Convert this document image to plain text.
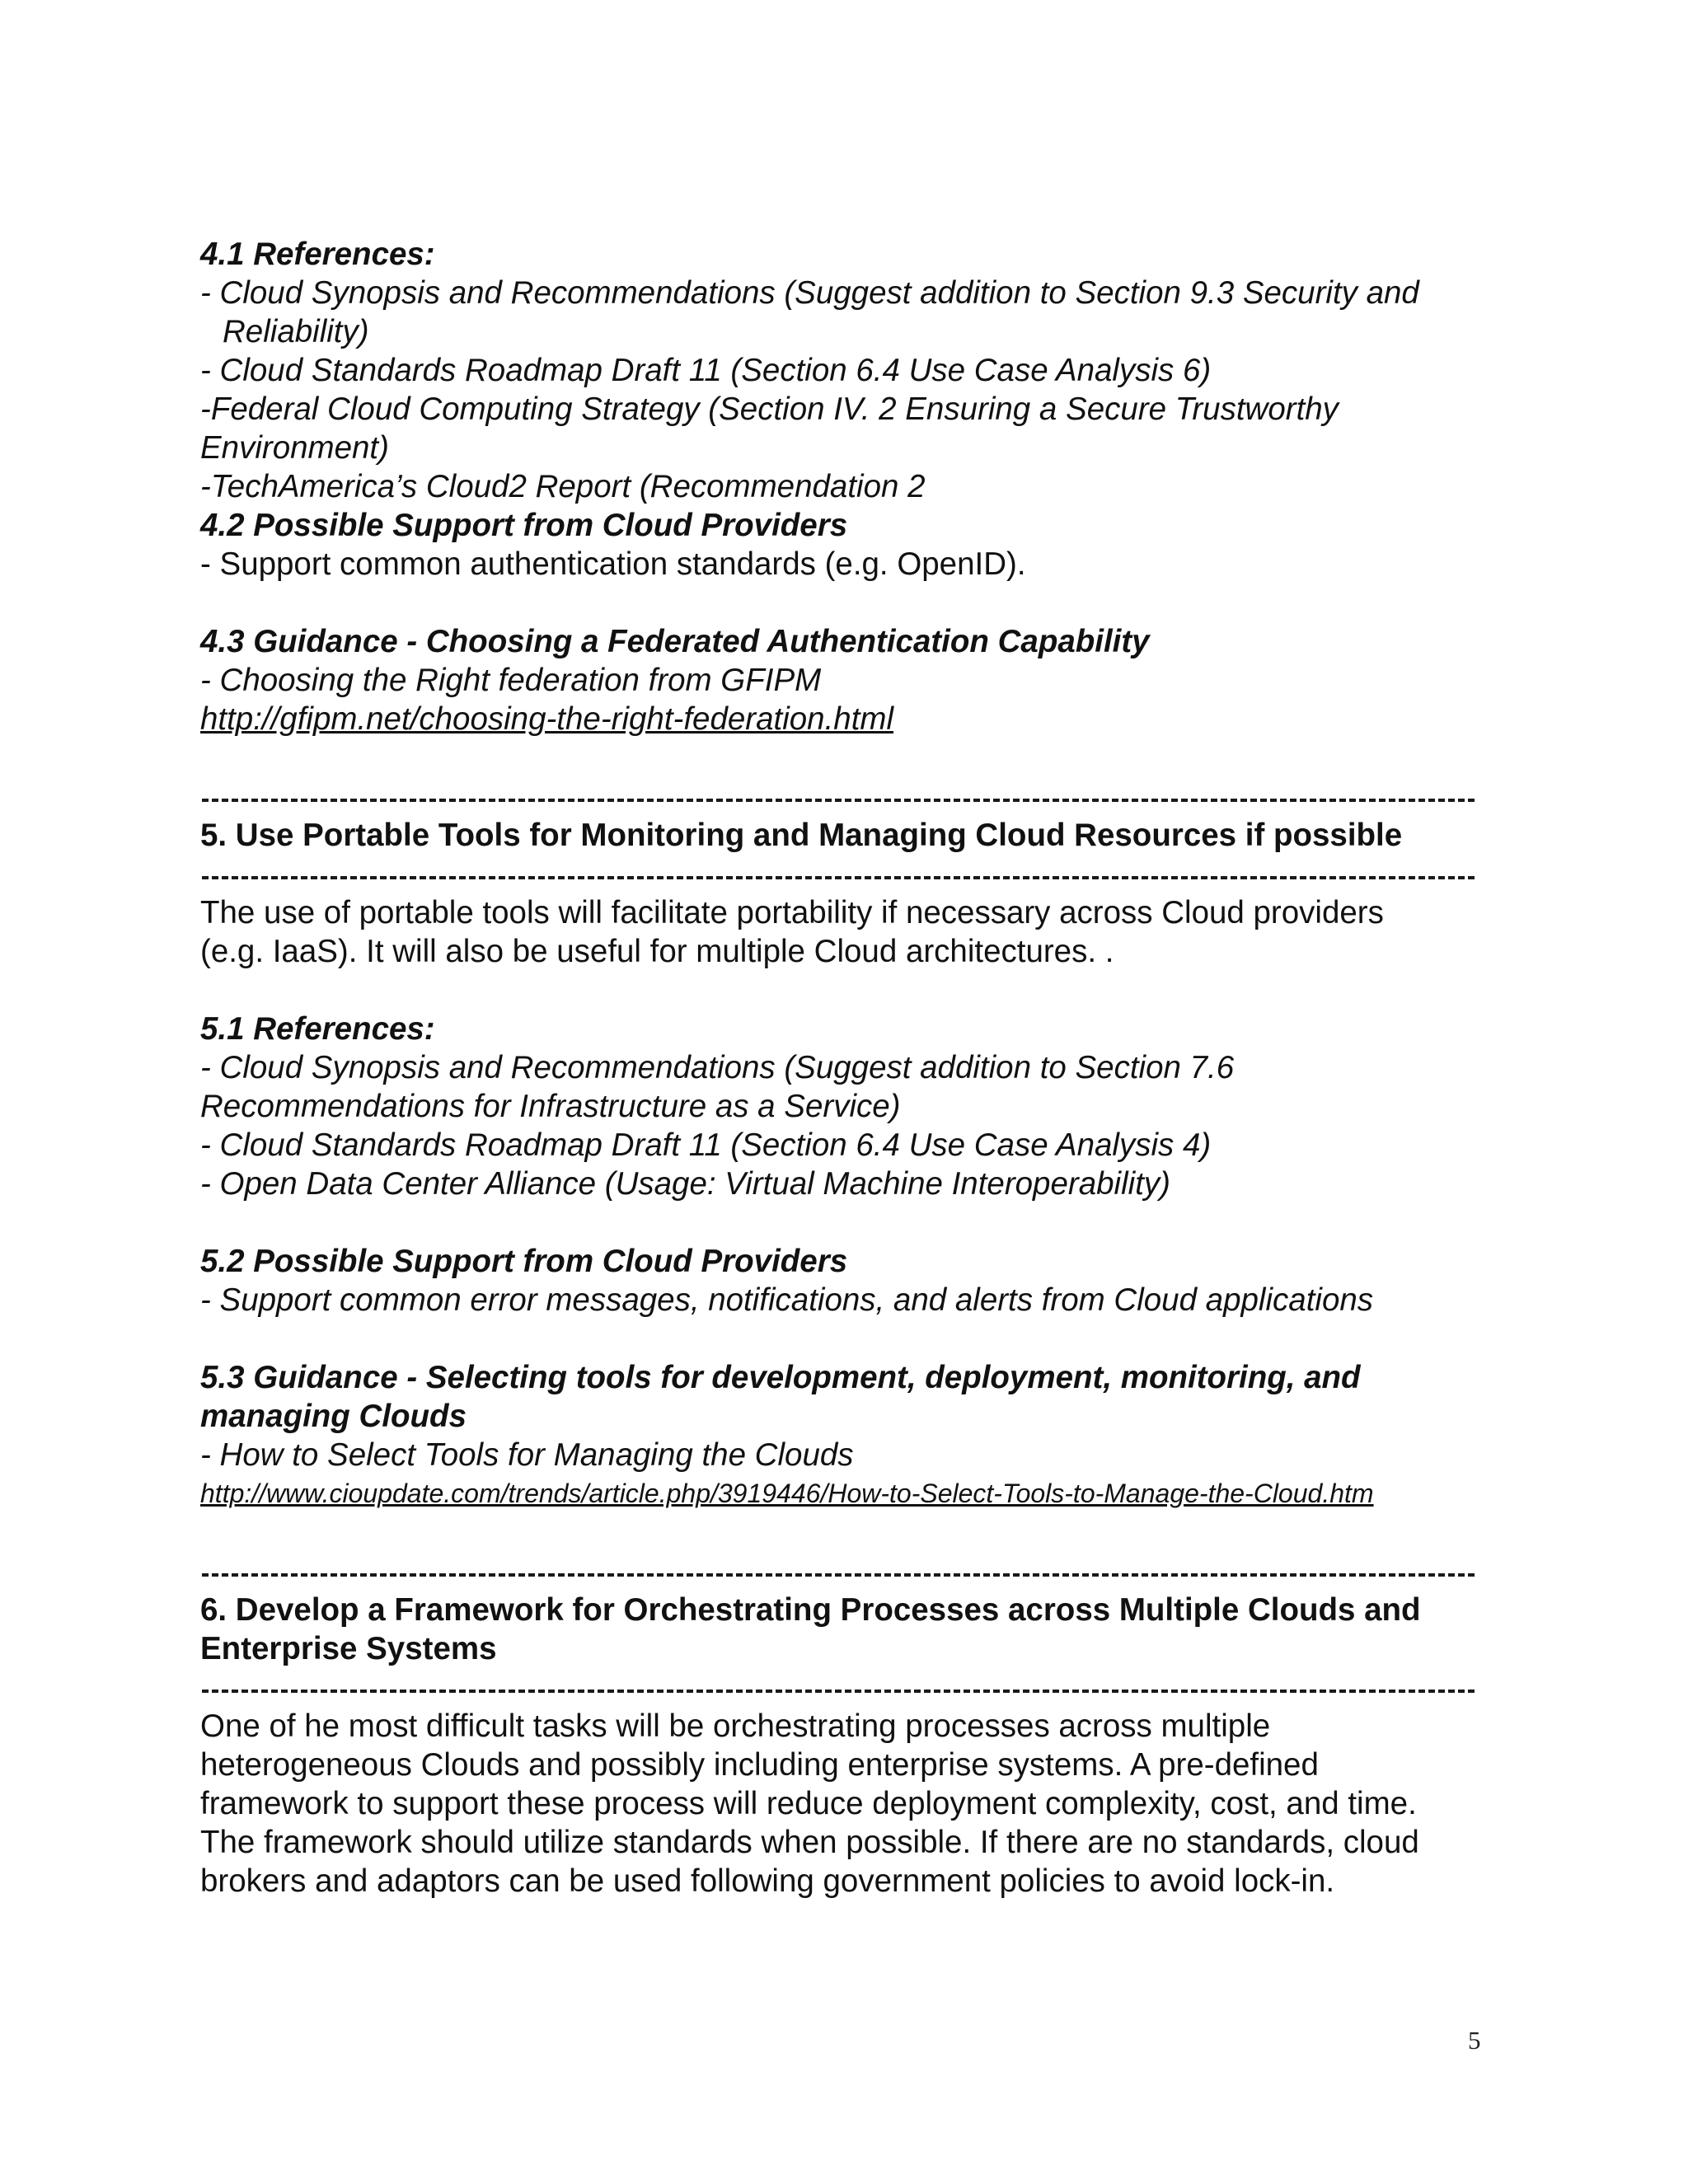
4.1 References:
- Cloud Synopsis and Recommendations (Suggest addition to Section 9.3 Security and
Reliability)
- Cloud Standards Roadmap Draft 11 (Section 6.4 Use Case Analysis 6)
-Federal Cloud Computing Strategy (Section IV. 2 Ensuring a Secure Trustworthy
Environment)
-TechAmerica’s Cloud2 Report (Recommendation 2
4.2 Possible Support from Cloud Providers
- Support common authentication standards (e.g. OpenID).
4.3 Guidance - Choosing a Federated Authentication Capability
- Choosing the Right federation from GFIPM
http://gfipm.net/choosing-the-right-federation.html
5. Use Portable Tools for Monitoring and Managing Cloud Resources if possible
The use of portable tools will facilitate portability if necessary across Cloud providers
(e.g. IaaS). It will also be useful for multiple Cloud architectures. .
5.1 References:
- Cloud Synopsis and Recommendations (Suggest addition to Section 7.6
Recommendations for Infrastructure as a Service)
- Cloud Standards Roadmap Draft 11 (Section 6.4 Use Case Analysis 4)
- Open Data Center Alliance (Usage: Virtual Machine Interoperability)
5.2 Possible Support from Cloud Providers
- Support common error messages, notifications, and alerts from Cloud applications
5.3 Guidance - Selecting tools for development, deployment, monitoring, and
managing Clouds
- How to Select Tools for Managing the Clouds
http://www.cioupdate.com/trends/article.php/3919446/How-to-Select-Tools-to-Manage-the-Cloud.htm
6. Develop a Framework for Orchestrating Processes across Multiple Clouds and
Enterprise Systems
One of he most difficult tasks will be orchestrating processes across multiple
heterogeneous Clouds and possibly including enterprise systems. A pre-defined
framework to support these process will reduce deployment complexity, cost, and time.
The framework should utilize standards when possible. If there are no standards, cloud
brokers and adaptors can be used following government policies to avoid lock-in.
5
